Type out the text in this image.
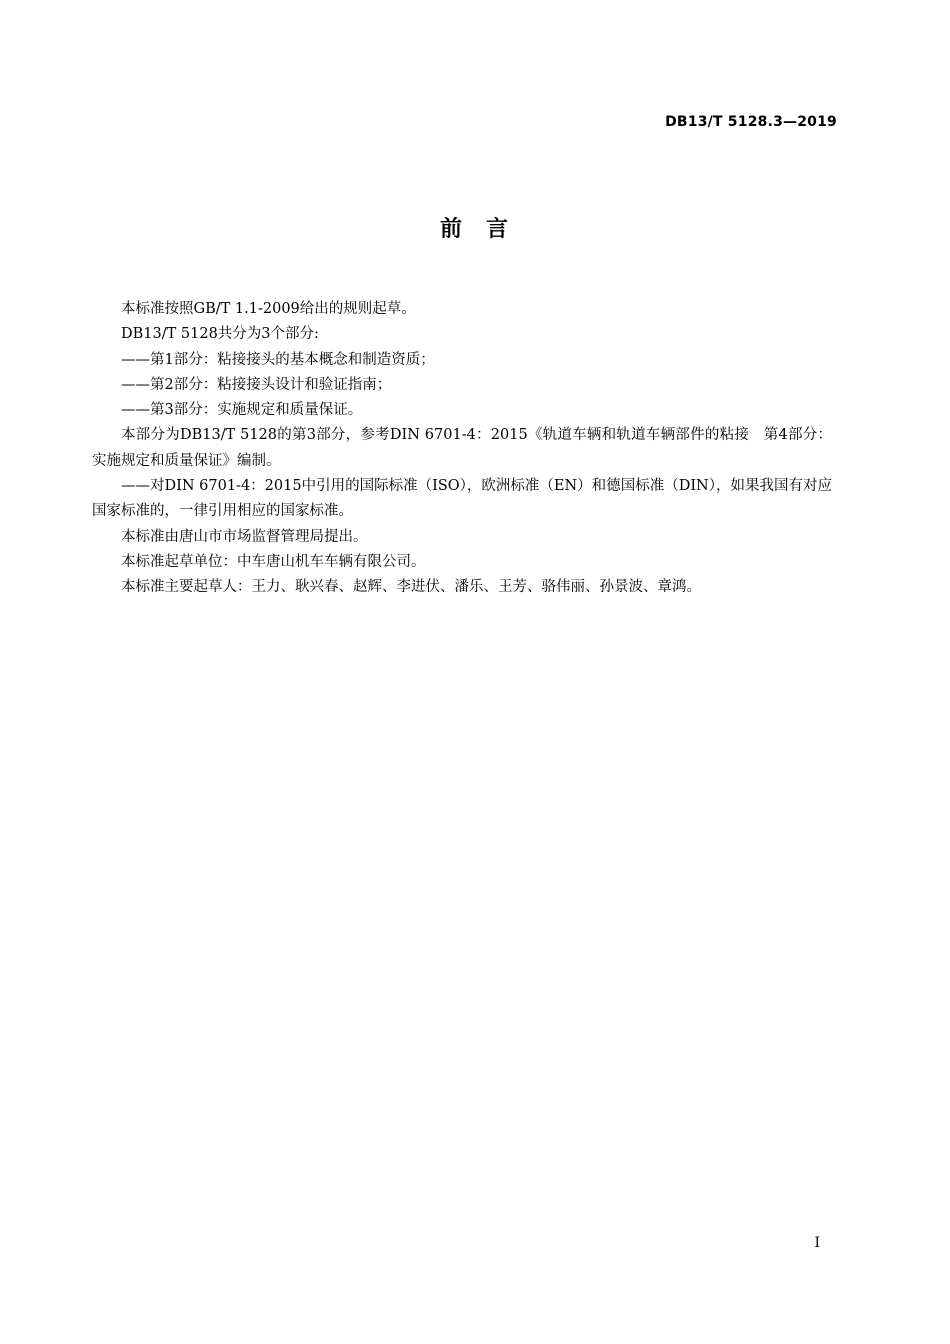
DB13/T 5128.3—2019
前 言

本标准按照GB/T 1.1-2009给出的规则起草。

DB13/T 5128共分为3个部分:

——第1部分：粘接接头的基本概念和制造资质；

——第2部分：粘接接头设计和验证指南；

——第3部分：实施规定和质量保证。

本部分为DB13/T 5128的第3部分，参考DIN 6701-4：2015《轨道车辆和轨道车辆部件的粘接　第4部分：实施规定和质量保证》编制。

——对DIN 6701-4：2015中引用的国际标准（ISO），欧洲标准（EN）和德国标准（DIN），如果我国有对应国家标准的，一律引用相应的国家标准。

本标准由唐山市市场监督管理局提出。

本标准起草单位：中车唐山机车车辆有限公司。

本标准主要起草人：王力、耿兴春、赵辉、李进伏、潘乐、王芳、骆伟丽、孙景波、章鸿。

I
